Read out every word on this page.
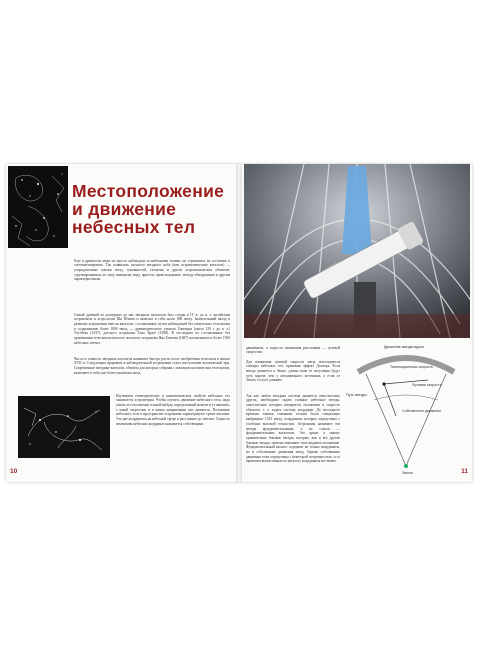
Местоположение
и движение
небесных тел

Еще в древности люди не просто наблюдали за небесными телами, но стремились их составить в систематизировать. Так появились каталоги звездного неба (или астрономические каталоги) — упорядоченные списки звезд, туманностей, галактик и других астрономических объектов, сгруппированных по типу, внешнему виду, яркости, происхождению, методу обнаружения и другим характеристикам.

Самый древний из дошедших до нас звездных каталогов был создан в IV в. до н. э. китайским астрономом и астрологом Ши Шэнем и включал в себя около 800 звезд. Значительный вклад в развитие астрономии внесли каталоги, составленные путем наблюдений без оптических телескопов и содержавшие более 1000 звезд, — древнегреческого ученого Гиппарха (около 129 г. до н. э.) Улугбека (1437), датского астронома Тихо Браге (1598). В последнем из составленных без применения телескопов каталоге польского астронома Яна Гевелия (1687) насчитывалось более 1500 небесных светил.

Число и точность звездных каталогов начинают быстро расти после изобретения телескопа в начале XVII в. Следующим прорывом в наблюдательной астрономии стало наступление космической эры. Современные звездные каталоги, объекты для которых собраны с помощью космических телескопов, включают в себя уже более миллиона звезд.

Изучением геометрических и кинематических свойств небесных тел занимается астрометрия. Чтобы изучить движение небесного тела, надо узнать его положение в какой-нибудь определенный момент и установить, с какой скоростью и в каком направлении оно движется. Положение небесного тела в пространстве астрономы характеризуют тремя числами. Это две координаты на небесной сфере и расстояние до светила. Скорость изменения небесных координат называется собственным

10

движением, а скорость изменения расстояния — лучевой скоростью.

Для измерения лучевой скорости звезд используются спектры небесных тел, применяя эффект Доплера. Если звезда движется к Земле, длины волн ее излучения будут чуть короче, чем у неподвижного источника, а если от Земли, то чуть длиннее.

Так как любая звездная система движется относительно других, необходимо задать главные небесные звезды, относительно которых измеряется положение и скорость объектов, т. е. задать систему координат. До последнего времени такими главными телами были специально выбранные 1535 звезд, координаты которых определены с особенно высокой точностью. Астрономы называют эти звезды фундаментальными, а их список — фундаментальным каталогом. Это яркие, а значит, сравнительно близкие звезды, которые, как и все другие близкие звезды, заметно изменяют свое видимое положение. Фундаментальный каталог содержит не только координаты, но и собственные движения звезд. Однако собственные движения тоже определены с некоторой погрешностью, и со временем вычисленные по каталогу координаты все менее

Движение звезды вдоль
Тангенциальная скорость
Путь звезды
Лучевая скорость
Собственное движение
Земля	11
